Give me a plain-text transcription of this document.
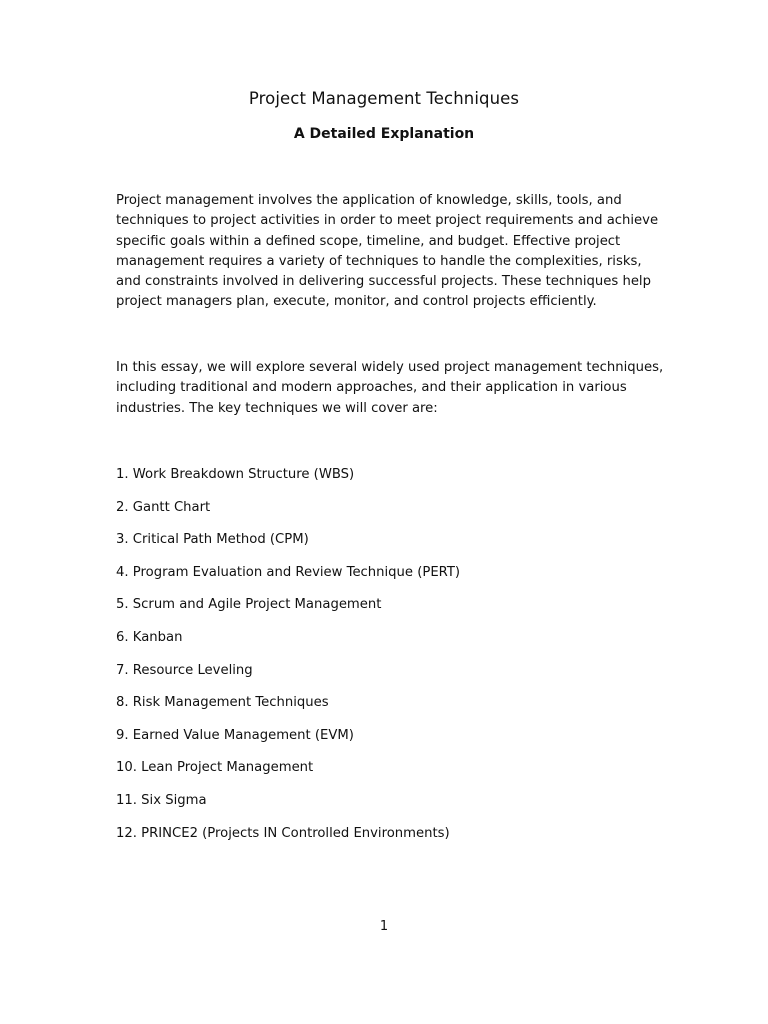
Project Management Techniques
A Detailed Explanation

Project management involves the application of knowledge, skills, tools, and
techniques to project activities in order to meet project requirements and achieve
specific goals within a defined scope, timeline, and budget. Effective project
management requires a variety of techniques to handle the complexities, risks,
and constraints involved in delivering successful projects. These techniques help
project managers plan, execute, monitor, and control projects efficiently.

In this essay, we will explore several widely used project management techniques,
including traditional and modern approaches, and their application in various
industries. The key techniques we will cover are:

1. Work Breakdown Structure (WBS)
2. Gantt Chart
3. Critical Path Method (CPM)
4. Program Evaluation and Review Technique (PERT)
5. Scrum and Agile Project Management
6. Kanban
7. Resource Leveling
8. Risk Management Techniques
9. Earned Value Management (EVM)
10. Lean Project Management
11. Six Sigma
12. PRINCE2 (Projects IN Controlled Environments)
1
